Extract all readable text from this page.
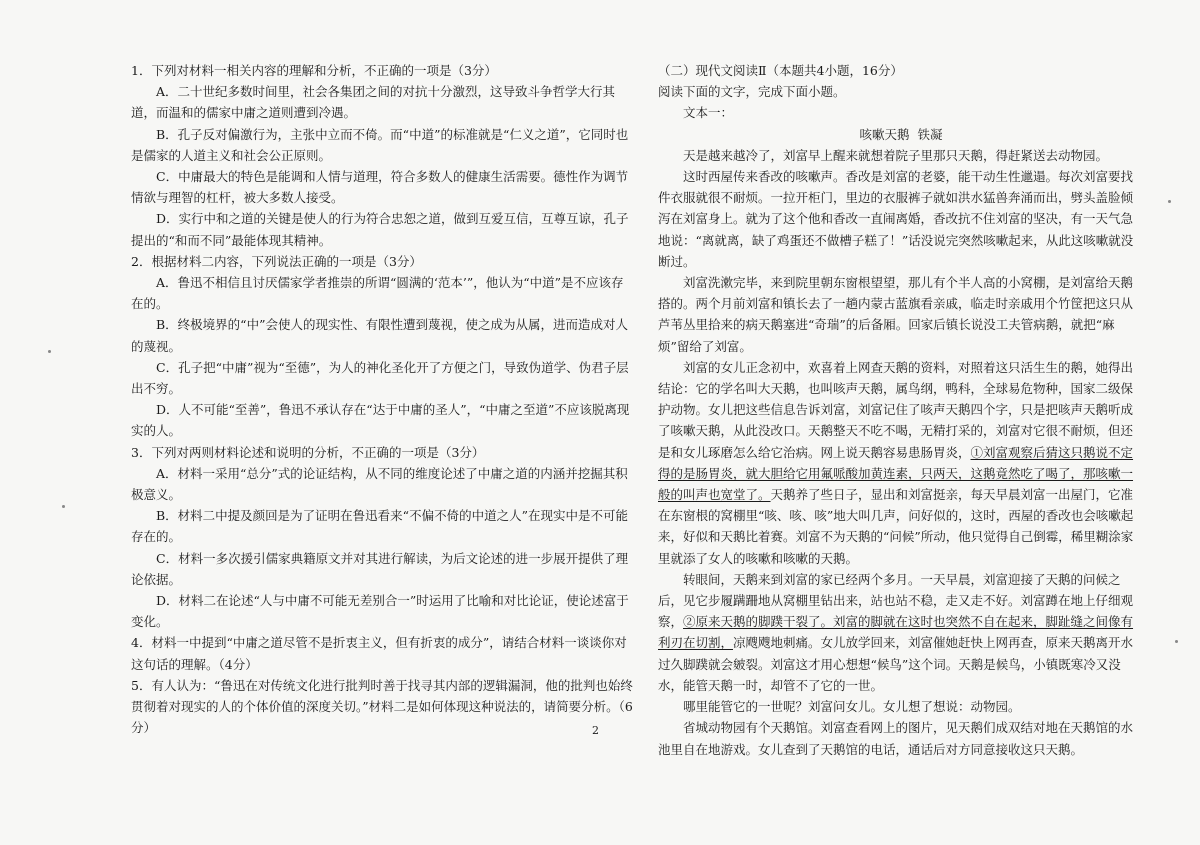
1．下列对材料一相关内容的理解和分析，不正确的一项是（3分）

A．二十世纪多数时间里，社会各集团之间的对抗十分激烈，这导致斗争哲学大行其道，而温和的儒家中庸之道则遭到冷遇。

B．孔子反对偏激行为，主张中立而不倚。而“中道”的标准就是“仁义之道”，它同时也是儒家的人道主义和社会公正原则。

C．中庸最大的特色是能调和人情与道理，符合多数人的健康生活需要。德性作为调节情欲与理智的杠杆，被大多数人接受。

D．实行中和之道的关键是使人的行为符合忠恕之道，做到互爱互信，互尊互谅，孔子提出的“和而不同”最能体现其精神。

2．根据材料二内容，下列说法正确的一项是（3分）

A．鲁迅不相信且讨厌儒家学者推崇的所谓“圆满的‘范本’”，他认为“中道”是不应该存在的。

B．终极境界的“中”会使人的现实性、有限性遭到蔑视，使之成为从属，进而造成对人的蔑视。

C．孔子把“中庸”视为“至德”，为人的神化圣化开了方便之门，导致伪道学、伪君子层出不穷。

D．人不可能“至善”，鲁迅不承认存在“达于中庸的圣人”，“中庸之至道”不应该脱离现实的人。

3．下列对两则材料论述和说明的分析，不正确的一项是（3分）

A．材料一采用“总分”式的论证结构，从不同的维度论述了中庸之道的内涵并挖掘其积极意义。

B．材料二中提及颜回是为了证明在鲁迅看来“不偏不倚的中道之人”在现实中是不可能存在的。

C．材料一多次援引儒家典籍原文并对其进行解读，为后文论述的进一步展开提供了理论依据。

D．材料二在论述“人与中庸不可能无差别合一”时运用了比喻和对比论证，使论述富于变化。

4．材料一中提到“中庸之道尽管不是折衷主义，但有折衷的成分”，请结合材料一谈谈你对这句话的理解。（4分）

5．有人认为：“鲁迅在对传统文化进行批判时善于找寻其内部的逻辑漏洞，他的批判也始终贯彻着对现实的人的个体价值的深度关切。”材料二是如何体现这种说法的，请简要分析。（6分）

（二）现代文阅读Ⅱ（本题共4小题，16分）

阅读下面的文字，完成下面小题。

文本一：

咳嗽天鹅 铁凝

天是越来越冷了，刘富早上醒来就想着院子里那只天鹅，得赶紧送去动物园。

这时西屋传来香改的咳嗽声。香改是刘富的老婆，能干动生性邋遢。每次刘富要找件衣服就很不耐烦。一拉开柜门，里边的衣服裤子就如洪水猛兽奔涌而出，劈头盖脸倾泻在刘富身上。就为了这个他和香改一直闹离婚，香改抗不住刘富的坚决，有一天气急地说：“离就离，缺了鸡蛋还不做槽子糕了！”话没说完突然咳嗽起来，从此这咳嗽就没断过。

刘富洗漱完毕，来到院里朝东窗根望望，那儿有个半人高的小窝棚，是刘富给天鹅搭的。两个月前刘富和镇长去了一趟内蒙古蓝旗看亲戚，临走时亲戚用个竹筐把这只从芦苇丛里拾来的病天鹅塞进“奇瑞”的后备厢。回家后镇长说没工夫管病鹅，就把“麻烦”留给了刘富。

刘富的女儿正念初中，欢喜着上网查天鹅的资料，对照着这只活生生的鹅，她得出结论：它的学名叫大天鹅，也叫咳声天鹅，属鸟纲，鸭科，全球易危物种，国家二级保护动物。女儿把这些信息告诉刘富，刘富记住了咳声天鹅四个字，只是把咳声天鹅听成了咳嗽天鹅，从此没改口。天鹅整天不吃不喝，无精打采的，刘富对它很不耐烦，但还是和女儿琢磨怎么给它治病。网上说天鹅容易患肠胃炎，①刘富观察后猜这只鹅说不定得的是肠胃炎，就大胆给它用氟哌酸加黄连素，只两天，这鹅竟然吃了喝了，那咳嗽一般的叫声也宽堂了。天鹅养了些日子，显出和刘富挺亲，每天早晨刘富一出屋门，它准在东窗根的窝棚里“咳、咳、咳”地大叫几声，问好似的，这时，西屋的香改也会咳嗽起来，好似和天鹅比着赛。刘富不为天鹅的“问候”所动，他只觉得自己倒霉，稀里糊涂家里就添了女人的咳嗽和咳嗽的天鹅。

转眼间，天鹅来到刘富的家已经两个多月。一天早晨，刘富迎接了天鹅的问候之后，见它步履蹒跚地从窝棚里钻出来，站也站不稳，走又走不好。刘富蹲在地上仔细观察，②原来天鹅的脚蹼干裂了。刘富的脚就在这时也突然不自在起来，脚趾缝之间像有利刃在切割，凉飕飕地刺痛。女儿放学回来，刘富催她赶快上网再查，原来天鹅离开水过久脚蹼就会皴裂。刘富这才用心想想“候鸟”这个词。天鹅是候鸟，小镇既寒冷又没水，能管天鹅一时，却管不了它的一世。

哪里能管它的一世呢？刘富问女儿。女儿想了想说：动物园。

省城动物园有个天鹅馆。刘富查看网上的图片，见天鹅们成双结对地在天鹅馆的水池里自在地游戏。女儿查到了天鹅馆的电话，通话后对方同意接收这只天鹅。

2
